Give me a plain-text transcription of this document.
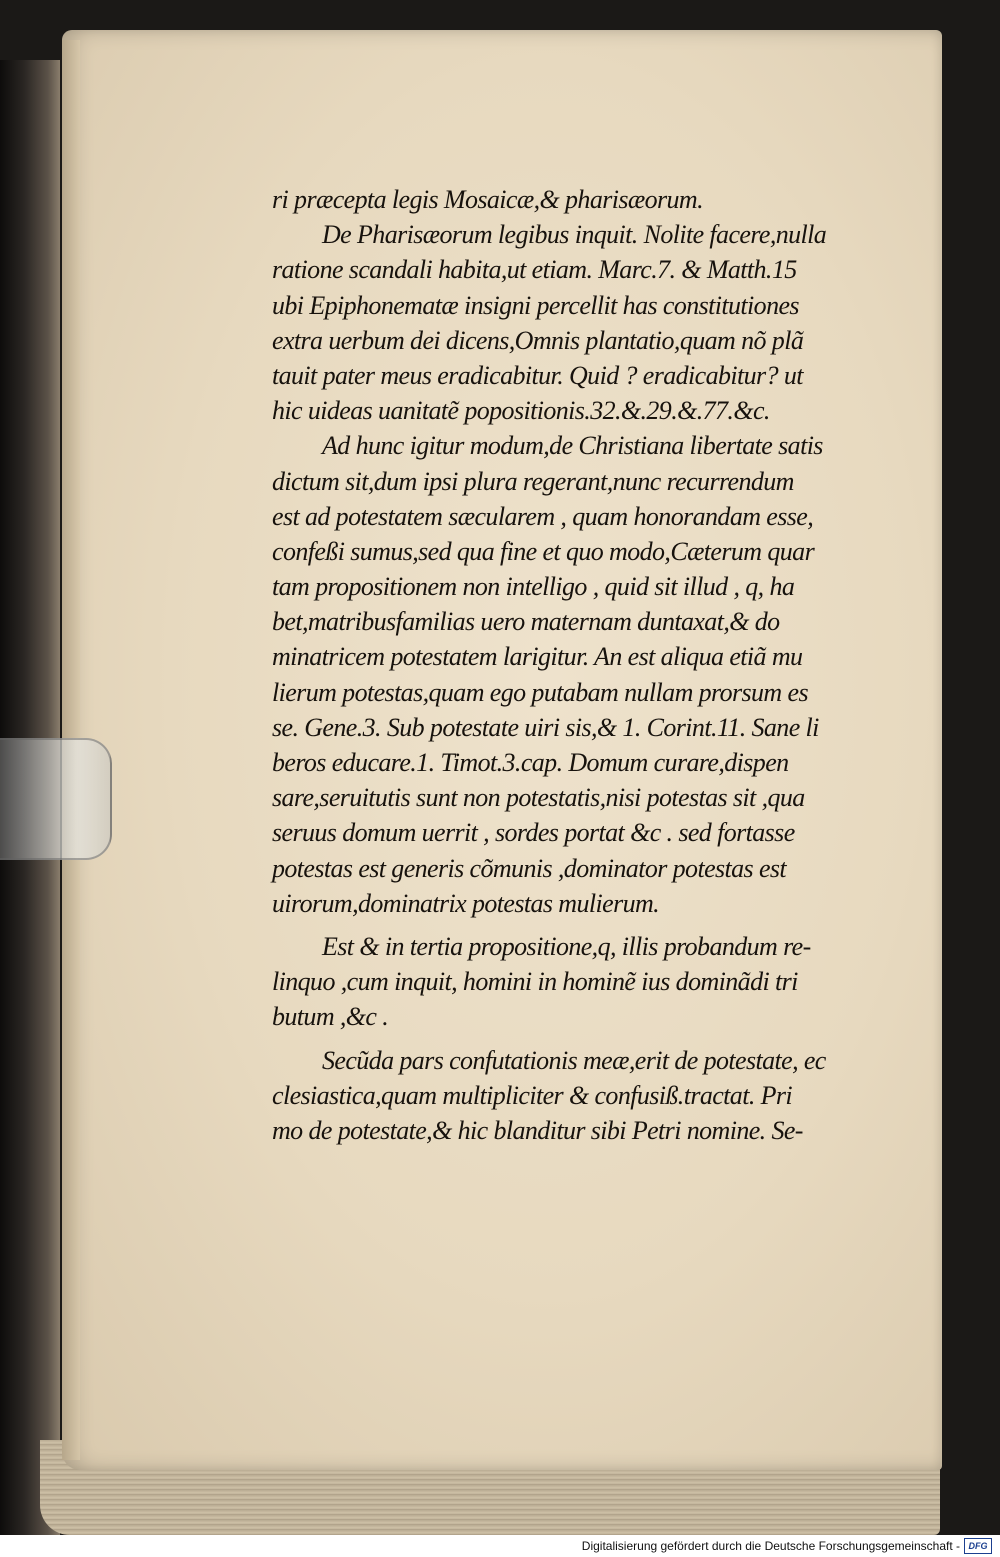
ri præcepta legis Mosaicæ,& pharisæorum.
De Pharisæorum legibus inquit. Nolite facere,nulla
ratione scandali habita,ut etiam. Marc.7. & Matth.15
ubi Epiphonematæ insigni percellit has constitutiones
extra uerbum dei dicens,Omnis plantatio,quam nõ plã
tauit pater meus eradicabitur. Quid ? eradicabitur? ut
hic uideas uanitatẽ popositionis.32.&.29.&.77.&c.
Ad hunc igitur modum,de Christiana libertate satis
dictum sit,dum ipsi plura regerant,nunc recurrendum
est ad potestatem sæcularem , quam honorandam esse,
confeßi sumus,sed qua fine et quo modo,Cæterum quar
tam propositionem non intelligo , quid sit illud , q, ha
bet,matribusfamilias uero maternam duntaxat,& do
minatricem potestatem larigitur. An est aliqua etiã mu
lierum potestas,quam ego putabam nullam prorsum es
se. Gene.3. Sub potestate uiri sis,& 1. Corint.11. Sane li
beros educare.1. Timot.3.cap. Domum curare,dispen
sare,seruitutis sunt non potestatis,nisi potestas sit ,qua
seruus domum uerrit , sordes portat &c . sed fortasse
potestas est generis cõmunis ,dominator potestas est
uirorum,dominatrix potestas mulierum.
Est & in tertia propositione,q, illis probandum re-
linquo ,cum inquit, homini in hominẽ ius dominãdi tri
butum ,&c .
Secũda pars confutationis meæ,erit de potestate, ec
clesiastica,quam multipliciter & confusiß.tractat. Pri
mo de potestate,& hic blanditur sibi Petri nomine. Se-
Digitalisierung gefördert durch die Deutsche Forschungsgemeinschaft - DFG
